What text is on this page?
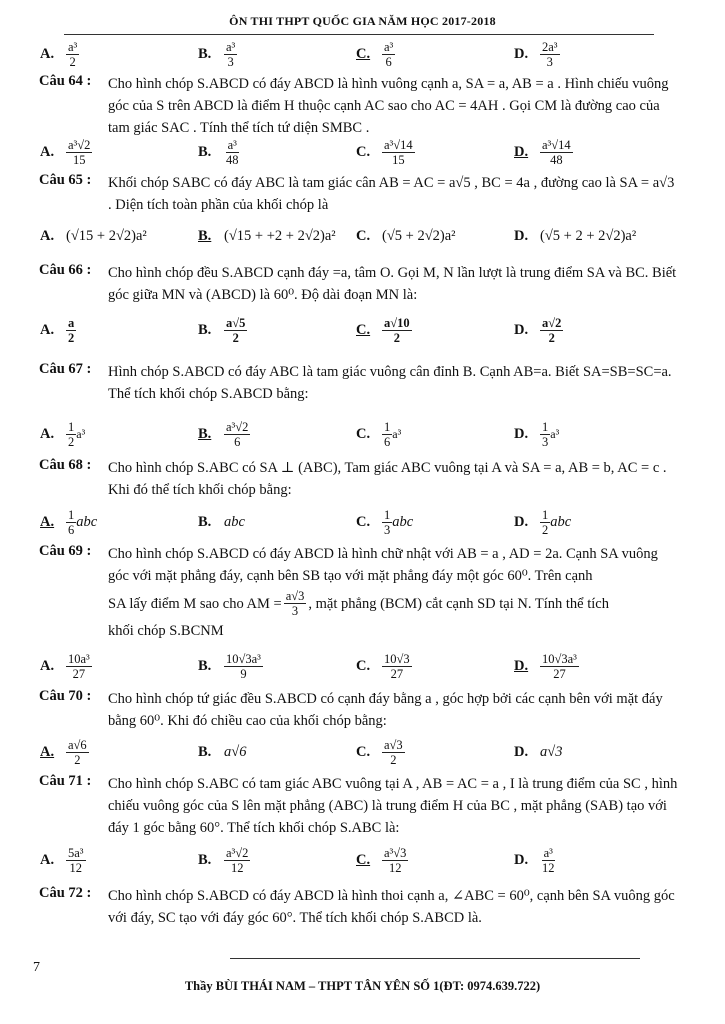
ÔN THI THPT QUỐC GIA NĂM HỌC 2017-2018
A. $\frac{\text{a³}}{2}$	B.	$\frac{\text{a³}}{3}$	C. $\frac{\text{a³}}{6}$	D. $\frac{\text{2a³}}{3}$
Câu 64 : Cho hình chóp S.ABCD có đáy ABCD là hình vuông cạnh a, SA = a, AB = a . Hình chiếu vuông góc của S trên ABCD là điểm H thuộc cạnh AC sao cho AC = 4AH . Gọi CM là đường cao của tam giác SAC . Tính thể tích tứ diện SMBC .
A. $\frac{\text{a³√2}}{15}$	B.	$\frac{\text{a³}}{48}$	C. $\frac{\text{a³√14}}{15}$	D. $\frac{\text{a³√14}}{48}$
Câu 65 : Khối chóp SABC có đáy ABC là tam giác cân AB = AC = a√5 , BC = 4a , đường cao là SA = a√3 . Diện tích toàn phần của khối chóp là
A. (√15 + 2√2)a²	B. (√15 + +2 + 2√2)a² C. (√5 + 2√2)a²	D. (√5 + 2 + 2√2)a²
Câu 66 : Cho hình chóp đều S.ABCD cạnh đáy =a, tâm O. Gọi M, N lần lượt là trung điểm SA và BC. Biết góc giữa MN và (ABCD) là 60⁰. Độ dài đoạn MN là:
A. $\frac{a}{2}$	B.	$\frac{a√5}{2}$	C. $\frac{a√10}{2}$	D. $\frac{a√2}{2}$
Câu 67 : Hình chóp S.ABCD có đáy ABC là tam giác vuông cân đỉnh B. Cạnh AB=a. Biết SA=SB=SC=a. Thể tích khối chóp S.ABCD bằng:
A. $\frac{1}{2} a^3$	B.	$\frac{\text{a³√2}}{6}$	C. $\frac{1}{6} a^3$	D. $\frac{1}{3} a^3$
Câu 68 : Cho hình chóp S.ABC có SA ⊥ (ABC), Tam giác ABC vuông tại A và SA = a, AB = b, AC = c . Khi đó thể tích khối chóp bằng:
A. $\frac{1}{6}$ abc	B. abc	C. $\frac{1}{3}$ abc	D. $\frac{1}{2}$ abc
Câu 69 : Cho hình chóp S.ABCD có đáy ABCD là hình chữ nhật với AB = a , AD = 2a. Cạnh SA vuông góc với mặt phẳng đáy, cạnh bên SB tạo với mặt phẳng đáy một góc 60⁰. Trên cạnh
SA lấy điểm M sao cho AM = $\frac{a√3}{3}$ , mặt phẳng (BCM) cắt cạnh SD tại N. Tính thể tích
khối chóp S.BCNM
A. $\frac{\text{10a³}}{27}$	B.	$\frac{\text{10√3a³}}{9}$	C. $\frac{10√3}{27}$	D. $\frac{\text{10√3a³}}{27}$
Câu 70 : Cho hình chóp tứ giác đều S.ABCD có cạnh đáy bằng a , góc hợp bởi các cạnh bên với mặt đáy bằng 60⁰. Khi đó chiều cao của khối chóp bằng:
A. $\frac{a√6}{2}$	B. a√6	C. $\frac{a√3}{2}$	D. a√3
Câu 71 : Cho hình chóp S.ABC có tam giác ABC vuông tại A , AB = AC = a , I là trung điểm của SC , hình chiếu vuông góc của S lên mặt phẳng (ABC) là trung điểm H của BC , mặt phẳng (SAB) tạo với đáy 1 góc bằng 60°. Thể tích khối chóp S.ABC là:
A. $\frac{\text{5a³}}{12}$	B.	$\frac{\text{a³√2}}{12}$	C. $\frac{\text{a³√3}}{12}$	D. $\frac{\text{a³}}{12}$
Câu 72 : Cho hình chóp S.ABCD có đáy ABCD là hình thoi cạnh a, ∠ABC = 60⁰, cạnh bên SA vuông góc với đáy, SC tạo với đáy góc 60°. Thể tích khối chóp S.ABCD là.
7
Thầy BÙI THÁI NAM – THPT TÂN YÊN SỐ 1(ĐT: 0974.639.722)
